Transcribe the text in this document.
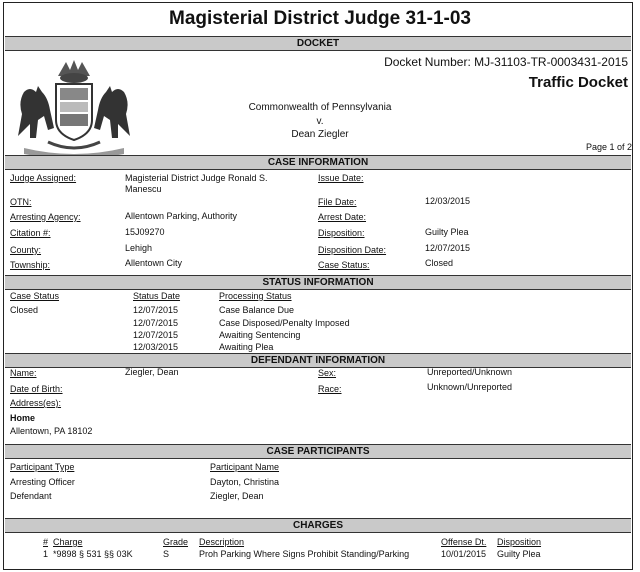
Magisterial District Judge 31-1-03
DOCKET
Docket Number: MJ-31103-TR-0003431-2015
Traffic Docket
Commonwealth of Pennsylvania
v.
Dean Ziegler
Page 1 of 2
CASE INFORMATION
Judge Assigned:	Magisterial District Judge Ronald S.
Manescu
Issue Date:
OTN:	File Date:	12/03/2015
Arresting Agency:	Allentown Parking, Authority	Arrest Date:
Citation #:	15J09270	Disposition:	Guilty Plea
County:	Lehigh	Disposition Date:	12/07/2015
Township:	Allentown City	Case Status:	Closed
STATUS INFORMATION
Case Status	Status Date	Processing Status
Closed	12/07/2015	Case Balance Due
12/07/2015	Case Disposed/Penalty Imposed
12/07/2015	Awaiting Sentencing
12/03/2015	Awaiting Plea
DEFENDANT INFORMATION
Name:	Ziegler, Dean	Sex:	Unreported/Unknown
Date of Birth:	Race:	Unknown/Unreported
Address(es):
Home
Allentown, PA 18102
CASE PARTICIPANTS
Participant Type	Participant Name
Arresting Officer	Dayton, Christina
Defendant	Ziegler, Dean
CHARGES
# Charge	Grade Description	Offense Dt. Disposition
1 *9898 § 531 §§ 03K	S	Proh Parking Where Signs Prohibit Standing/Parking	10/01/2015 Guilty Plea
